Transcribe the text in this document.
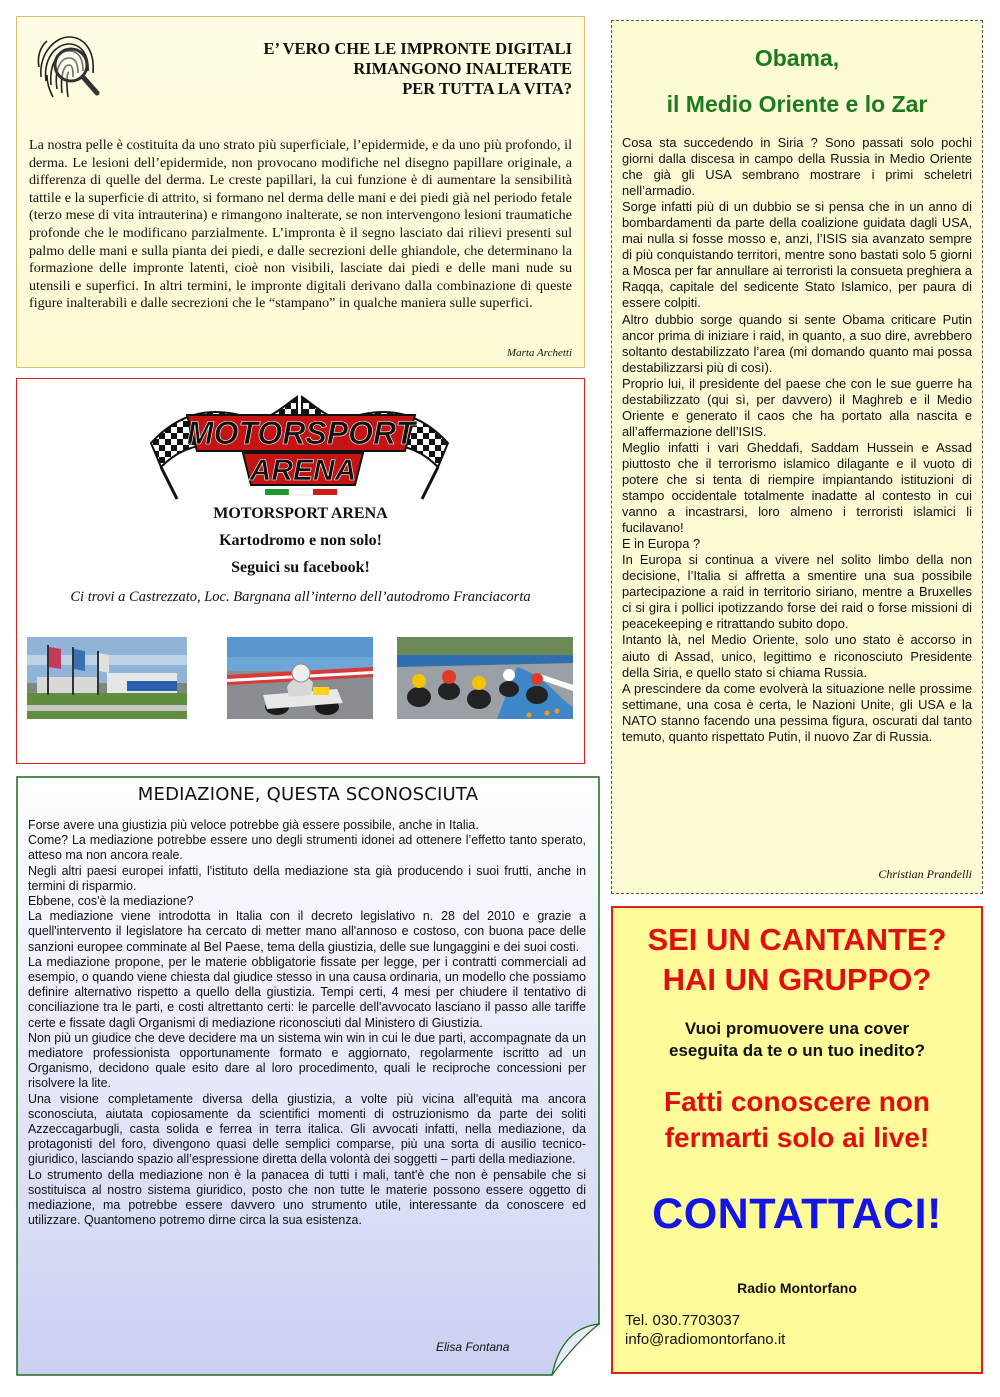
E’ VERO CHE LE IMPRONTE DIGITALI
RIMANGONO INALTERATE
PER TUTTA LA VITA?

La nostra pelle è costituita da uno strato più superficiale, l’epidermide, e da uno più profondo, il derma. Le lesioni dell’epidermide, non provocano modifiche nel disegno papillare originale, a differenza di quelle del derma. Le creste papillari, la cui funzione è di aumentare la sensibilità tattile e la superficie di attrito, si formano nel derma delle mani e dei piedi già nel periodo fetale (terzo mese di vita intrauterina) e rimangono inalterate, se non intervengono lesioni traumatiche profonde che le modificano parzialmente. L’impronta è il segno lasciato dai rilievi presenti sul palmo delle mani e sulla pianta dei piedi, e dalle secrezioni delle ghiandole, che determinano la formazione delle impronte latenti, cioè non visibili, lasciate dai piedi e delle mani nude su utensili e superfici. In altri termini, le impronte digitali derivano dalla combinazione di queste figure inalterabili e dalle secrezioni che le “stampano” in qualche maniera sulle superfici.

Marta Archetti
MOTORSPORT
ARENA
MOTORSPORT ARENA
Kartodromo e non solo!
Seguici su facebook!
Ci trovi a Castrezzato, Loc. Bargnana all’interno dell’autodromo Franciacorta
MEDIAZIONE, QUESTA SCONOSCIUTA

Forse avere una giustizia più veloce potrebbe già essere possibile, anche in Italia.

Come? La mediazione potrebbe essere uno degli strumenti idonei ad ottenere l’effetto tanto sperato, atteso ma non ancora reale.

Negli altri paesi europei infatti, l'istituto della mediazione sta già producendo i suoi frutti, anche in termini di risparmio.

Ebbene, cos'è la mediazione?

La mediazione viene introdotta in Italia con il decreto legislativo n. 28 del 2010 e grazie a quell'intervento il legislatore ha cercato di metter mano all'annoso e costoso, con buona pace delle sanzioni europee comminate al Bel Paese, tema della giustizia, delle sue lungaggini e dei suoi costi.

La mediazione propone, per le materie obbligatorie fissate per legge, per i contratti commerciali ad esempio, o quando viene chiesta dal giudice stesso in una causa ordinaria, un modello che possiamo definire alternativo rispetto a quello della giustizia. Tempi certi, 4 mesi per chiudere il tentativo di conciliazione tra le parti, e costi altrettanto certi: le parcelle dell'avvocato lasciano il passo alle tariffe certe e fissate dagli Organismi di mediazione riconosciuti dal Ministero di Giustizia.

Non più un giudice che deve decidere ma un sistema win win in cui le due parti, accompagnate da un mediatore professionista opportunamente formato e aggiornato, regolarmente iscritto ad un Organismo, decidono quale esito dare al loro procedimento, quali le reciproche concessioni per risolvere la lite.

Una visione completamente diversa della giustizia, a volte più vicina all'equità ma ancora sconosciuta, aiutata copiosamente da scientifici momenti di ostruzionismo da parte dei soliti Azzeccagarbugli, casta solida e ferrea in terra italica. Gli avvocati infatti, nella mediazione, da protagonisti del foro, divengono quasi delle semplici comparse, più una sorta di ausilio tecnico-giuridico, lasciando spazio all’espressione diretta della volontà dei soggetti – parti della mediazione.

Lo strumento della mediazione non è la panacea di tutti i mali, tant'è che non è pensabile che si sostituisca al nostro sistema giuridico, posto che non tutte le materie possono essere oggetto di mediazione, ma potrebbe essere davvero uno strumento utile, interessante da conoscere ed utilizzare. Quantomeno potremo dirne circa la sua esistenza.

Elisa Fontana
Obama,
il Medio Oriente e lo Zar

Cosa sta succedendo in Siria ? Sono passati solo pochi giorni dalla discesa in campo della Russia in Medio Oriente che già gli USA sembrano mostrare i primi scheletri nell’armadio.

Sorge infatti più di un dubbio se si pensa che in un anno di bombardamenti da parte della coalizione guidata dagli USA, mai nulla si fosse mosso e, anzi, l’ISIS sia avanzato sempre di più conquistando territori, mentre sono bastati solo 5 giorni a Mosca per far annullare ai terroristi la consueta preghiera a Raqqa, capitale del sedicente Stato Islamico, per paura di essere colpiti.

Altro dubbio sorge quando si sente Obama criticare Putin ancor prima di iniziare i raid, in quanto, a suo dire, avrebbero soltanto destabilizzato l’area (mi domando quanto mai possa destabilizzarsi più di così).

Proprio lui, il presidente del paese che con le sue guerre ha destabilizzato (qui sì, per davvero) il Maghreb e il Medio Oriente e generato il caos che ha portato alla nascita e all’affermazione dell’ISIS.

Meglio infatti i vari Gheddafi, Saddam Hussein e Assad piuttosto che il terrorismo islamico dilagante e il vuoto di potere che si tenta di riempire impiantando istituzioni di stampo occidentale totalmente inadatte al contesto in cui vanno a incastrarsi, loro almeno i terroristi islamici li fucilavano!

E in Europa ?

In Europa si continua a vivere nel solito limbo della non decisione, l’Italia si affretta a smentire una sua possibile partecipazione a raid in territorio siriano, mentre a Bruxelles ci si gira i pollici ipotizzando forse dei raid o forse missioni di peacekeeping e ritrattando subito dopo.

Intanto là, nel Medio Oriente, solo uno stato è accorso in aiuto di Assad, unico, legittimo e riconosciuto Presidente della Siria, e quello stato si chiama Russia.

A prescindere da come evolverà la situazione nelle prossime settimane, una cosa è certa, le Nazioni Unite, gli USA e la NATO stanno facendo una pessima figura, oscurati dal tanto temuto, quanto rispettato Putin, il nuovo Zar di Russia.

Christian Prandelli
SEI UN CANTANTE?
HAI UN GRUPPO?
Vuoi promuovere una cover
eseguita da te o un tuo inedito?
Fatti conoscere non
fermarti solo ai live!
CONTATTACI!
Radio Montorfano
Tel. 030.7703037
info@radiomontorfano.it
